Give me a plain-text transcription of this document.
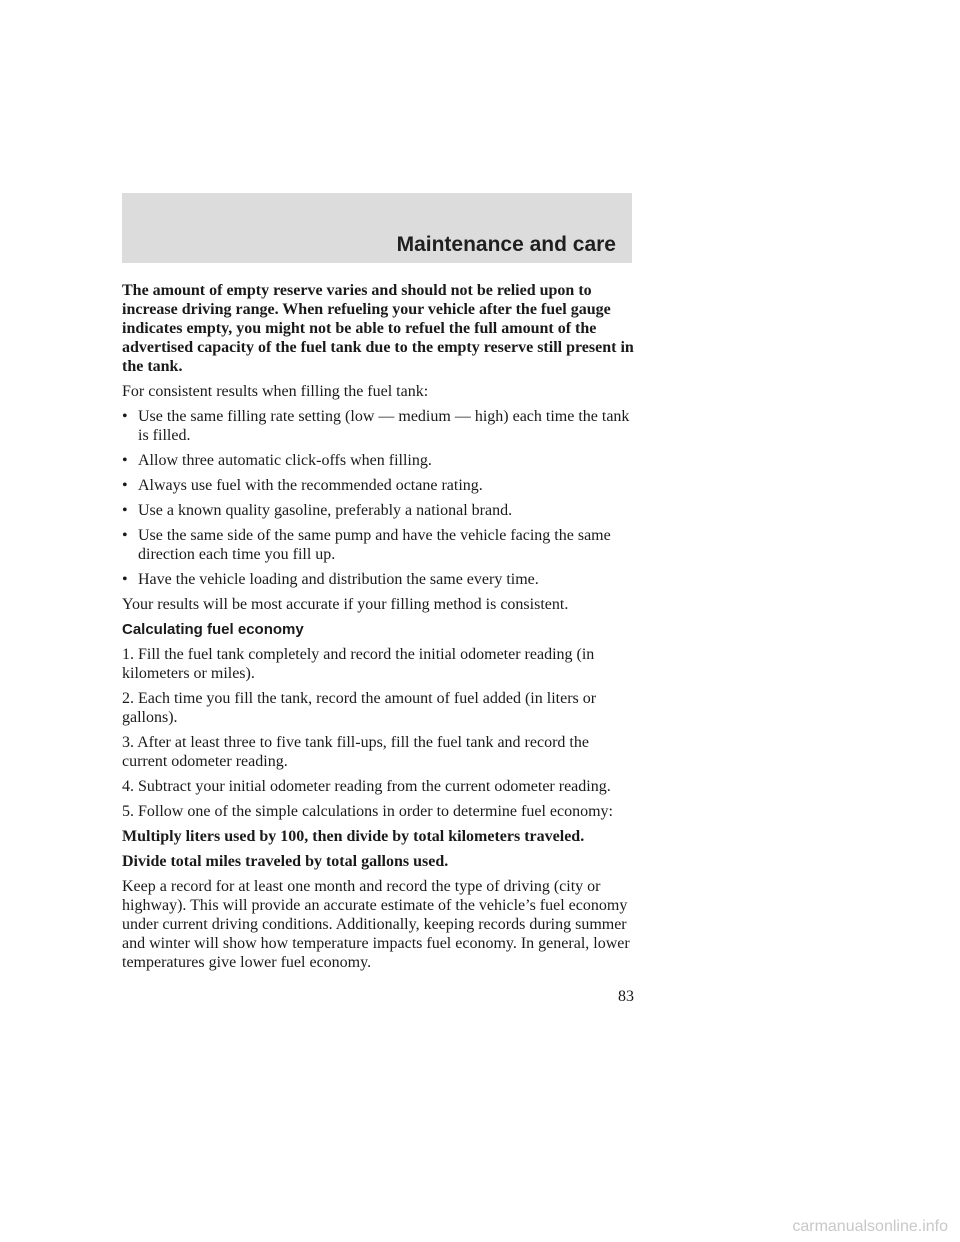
Maintenance and care

The amount of empty reserve varies and should not be relied upon to increase driving range. When refueling your vehicle after the fuel gauge indicates empty, you might not be able to refuel the full amount of the advertised capacity of the fuel tank due to the empty reserve still present in the tank.

For consistent results when filling the fuel tank:

• Use the same filling rate setting (low — medium — high) each time the tank is filled.
• Allow three automatic click-offs when filling.
• Always use fuel with the recommended octane rating.
• Use a known quality gasoline, preferably a national brand.
• Use the same side of the same pump and have the vehicle facing the same direction each time you fill up.
• Have the vehicle loading and distribution the same every time.

Your results will be most accurate if your filling method is consistent.

Calculating fuel economy

1. Fill the fuel tank completely and record the initial odometer reading (in kilometers or miles).

2. Each time you fill the tank, record the amount of fuel added (in liters or gallons).

3. After at least three to five tank fill-ups, fill the fuel tank and record the current odometer reading.

4. Subtract your initial odometer reading from the current odometer reading.

5. Follow one of the simple calculations in order to determine fuel economy:

Multiply liters used by 100, then divide by total kilometers traveled.

Divide total miles traveled by total gallons used.

Keep a record for at least one month and record the type of driving (city or highway). This will provide an accurate estimate of the vehicle’s fuel economy under current driving conditions. Additionally, keeping records during summer and winter will show how temperature impacts fuel economy. In general, lower temperatures give lower fuel economy.

83
carmanualsonline.info
